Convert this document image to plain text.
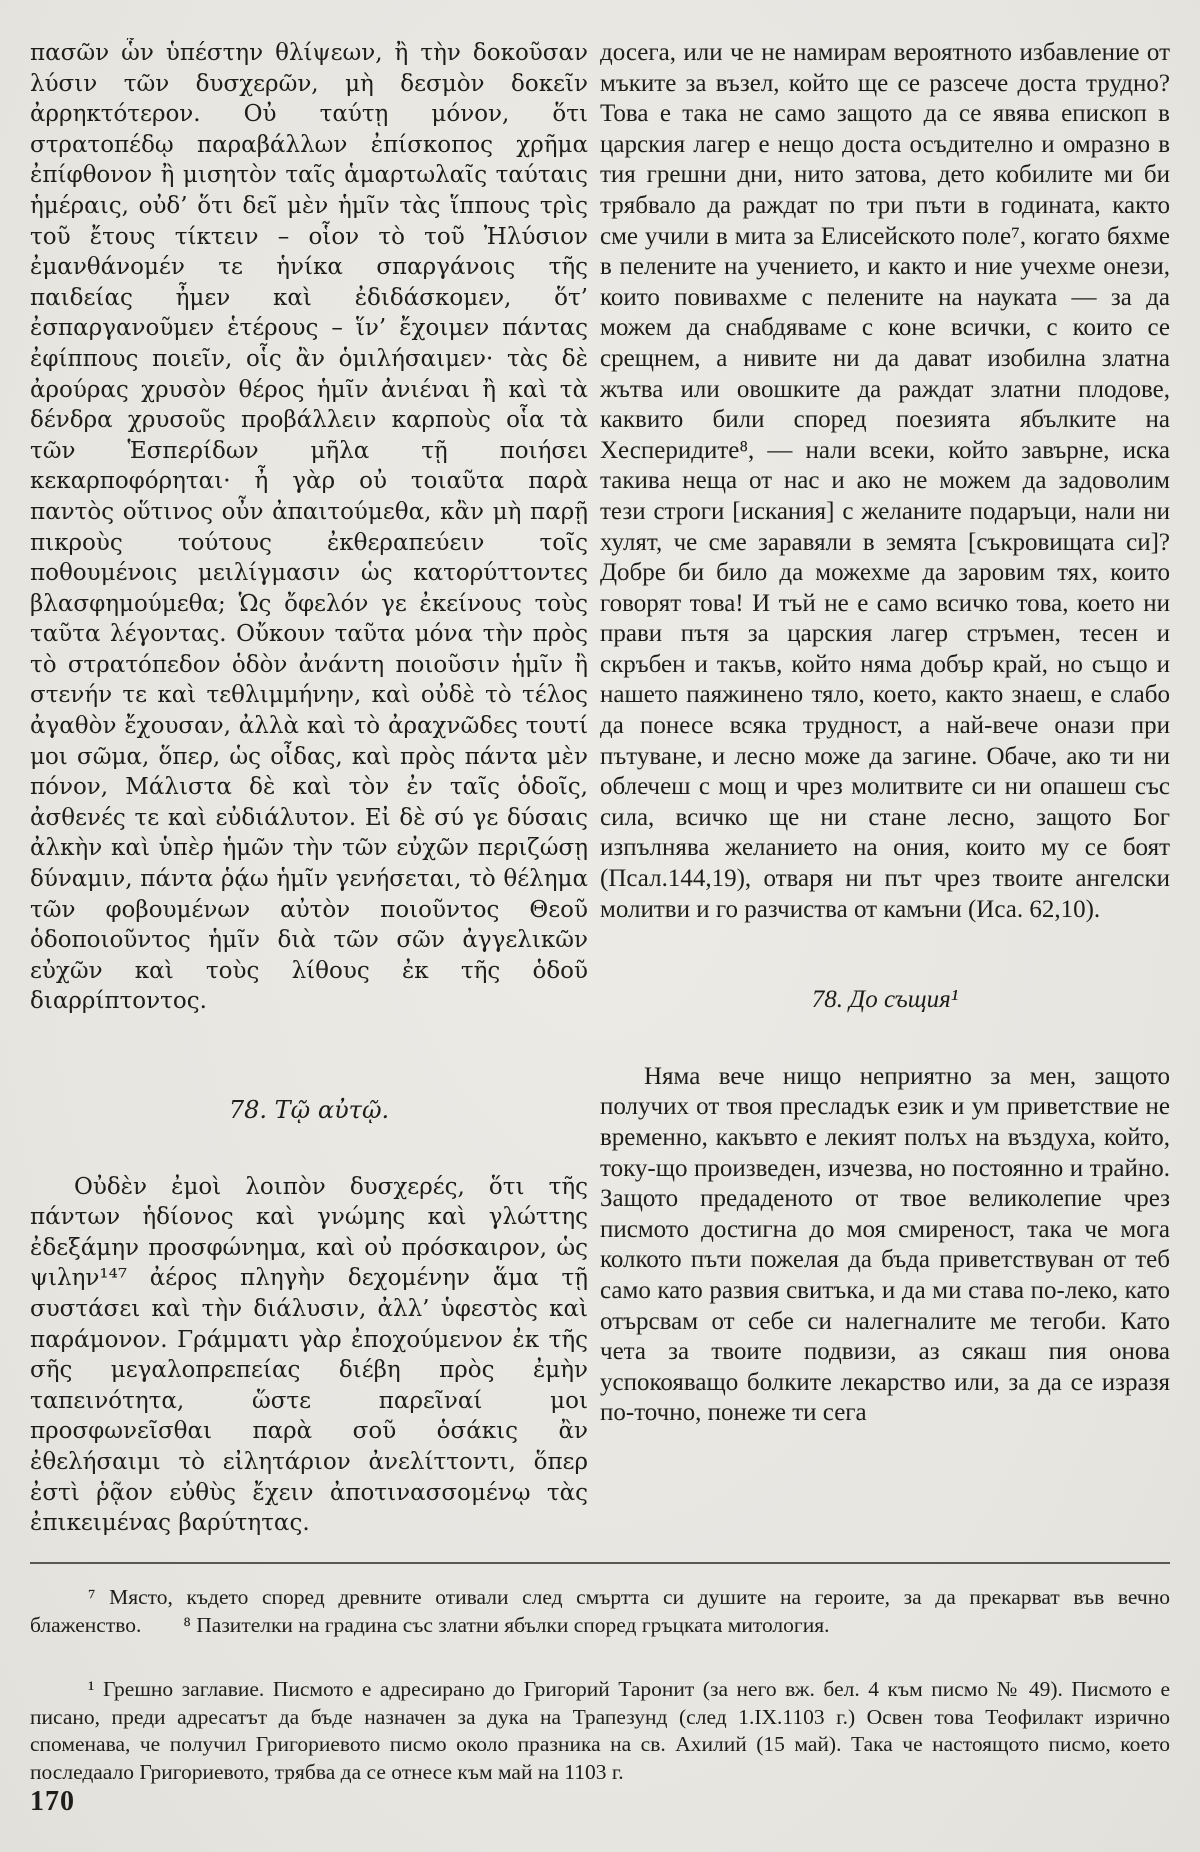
πασῶν ὧν ὑπέστην θλίψεων, ἢ τὴν δοκοῦσαν λύσιν τῶν δυσχερῶν, μὴ δεσμὸν δοκεῖν ἀρρηκτότερον. Οὐ ταύτῃ μόνον, ὅτι στρατοπέδῳ παραβάλλων ἐπίσκοπος χρῆμα ἐπίφθονον ἢ μισητὸν ταῖς ἁμαρτωλαῖς ταύταις ἡμέραις, οὐδ’ ὅτι δεῖ μὲν ἡμῖν τὰς ἵππους τρὶς τοῦ ἔτους τίκτειν – οἷον τὸ τοῦ Ἠλύσιον ἐμανθάνομέν τε ἡνίκα σπαργάνοις τῆς παιδείας ἦμεν καὶ ἐδιδάσκομεν, ὅτ’ ἐσπαργανοῦμεν ἑτέρους – ἵν’ ἔχοιμεν πάντας ἐφίππους ποιεῖν, οἷς ἂν ὁμιλήσαιμεν· τὰς δὲ ἀρούρας χρυσὸν θέρος ἡμῖν ἀνιέναι ἢ καὶ τὰ δένδρα χρυσοῦς προβάλλειν καρποὺς οἷα τὰ τῶν Ἑσπερίδων μῆλα τῇ ποιήσει κεκαρποφόρηται· ἦ γὰρ οὐ τοιαῦτα παρὰ παντὸς οὕτινος οὖν ἀπαιτούμεθα, κἂν μὴ παρῇ πικροὺς τούτους ἐκθεραπεύειν τοῖς ποθουμένοις μειλίγμασιν ὡς κατορύττοντες βλασφημούμεθα; Ὡς ὄφελόν γε ἐκείνους τοὺς ταῦτα λέγοντας. Οὔκουν ταῦτα μόνα τὴν πρὸς τὸ στρατόπεδον ὁδὸν ἀνάντη ποιοῦσιν ἡμῖν ἢ στενήν τε καὶ τεθλιμμήνην, καὶ οὐδὲ τὸ τέλος ἀγαθὸν ἔχουσαν, ἀλλὰ καὶ τὸ ἀραχνῶδες τουτί μοι σῶμα, ὅπερ, ὡς οἶδας, καὶ πρὸς πάντα μὲν πόνον, Μάλιστα δὲ καὶ τὸν ἐν ταῖς ὁδοῖς, ἀσθενές τε καὶ εὐδιάλυτον. Εἰ δὲ σύ γε δύσαις ἀλκὴν καὶ ὑπὲρ ἡμῶν τὴν τῶν εὐχῶν περιζώσῃ δύναμιν, πάντα ῥᾴω ἡμῖν γενήσεται, τὸ θέλημα τῶν φοβουμένων αὐτὸν ποιοῦντος Θεοῦ ὁδοποιοῦντος ἡμῖν διὰ τῶν σῶν ἀγγελικῶν εὐχῶν καὶ τοὺς λίθους ἐκ τῆς ὁδοῦ διαρρίπτοντος.

78. Τῷ αὐτῷ.

Οὐδὲν ἐμοὶ λοιπὸν δυσχερές, ὅτι τῆς πάντων ἡδίονος καὶ γνώμης καὶ γλώττης ἐδεξάμην προσφώνημα, καὶ οὐ πρόσκαιρον, ὡς ψιλην¹⁴⁷ ἀέρος πληγὴν δεχομένην ἅμα τῇ συστάσει καὶ τὴν διάλυσιν, ἀλλ’ ὑφεστὸς καὶ παράμονον. Γράμματι γὰρ ἐποχούμενον ἐκ τῆς σῆς μεγαλοπρεπείας διέβη πρὸς ἐμὴν ταπεινότητα, ὥστε παρεῖναί μοι προσφωνεῖσθαι παρὰ σοῦ ὁσάκις ἂν ἐθελήσαιμι τὸ εἰλητάριον ἀνελίττοντι, ὅπερ ἐστὶ ῥᾷον εὐθὺς ἔχειν ἀποτινασσομένῳ τὰς ἐπικειμένας βαρύτητας.

досега, или че не намирам вероятното избавление от мъките за възел, който ще се разсече доста трудно? Това е така не само защото да се явява епископ в царския лагер е нещо доста осъдително и омразно в тия грешни дни, нито затова, дето кобилите ми би трябвало да раждат по три пъти в годината, както сме учили в мита за Елисейското поле⁷, когато бяхме в пелените на учението, и както и ние учехме онези, които повивахме с пелените на науката — за да можем да снабдяваме с коне всички, с които се срещнем, а нивите ни да дават изобилна златна жътва или овошките да раждат златни плодове, каквито били според поезията ябълките на Хесперидите⁸, — нали всеки, който завърне, иска такива неща от нас и ако не можем да задоволим тези строги [искания] с желаните подаръци, нали ни хулят, че сме заравяли в земята [съкровищата си]? Добре би било да можехме да заровим тях, които говорят това! И тъй не е само всичко това, което ни прави пътя за царския лагер стръмен, тесен и скръбен и такъв, който няма добър край, но също и нашето паяжинено тяло, което, както знаеш, е слабо да понесе всяка трудност, а най-вече онази при пътуване, и лесно може да загине. Обаче, ако ти ни облечеш с мощ и чрез молитвите си ни опашеш със сила, всичко ще ни стане лесно, защото Бог изпълнява желанието на ония, които му се боят (Псал.144,19), отваря ни път чрез твоите ангелски молитви и го разчиства от камъни (Иса. 62,10).

78. До същия¹

Няма вече нищо неприятно за мен, защото получих от твоя пресладък език и ум приветствие не временно, какъвто е лекият полъх на въздуха, който, току-що произведен, изчезва, но постоянно и трайно. Защото предаденото от твое великолепие чрез писмото достигна до моя смиреност, така че мога колкото пъти пожелая да бъда приветствуван от теб само като развия свитъка, и да ми става по-леко, като отърсвам от себе си налегналите ме тегоби. Като чета за твоите подвизи, аз сякаш пия онова успокояващо болките лекарство или, за да се изразя по-точно, понеже ти сега

⁷ Място, където според древните отивали след смъртта си душите на героите, за да прекарват във вечно блаженство. ⁸ Пазителки на градина със златни ябълки според гръцката митология.

¹ Грешно заглавие. Писмото е адресирано до Григорий Таронит (за него вж. бел. 4 към писмо № 49). Писмото е писано, преди адресатът да бъде назначен за дука на Трапезунд (след 1.IX.1103 г.) Освен това Теофилакт изрично споменава, че получил Григориевото писмо около празника на св. Ахилий (15 май). Така че настоящото писмо, което последаало Григориевото, трябва да се отнесе към май на 1103 г.

170
